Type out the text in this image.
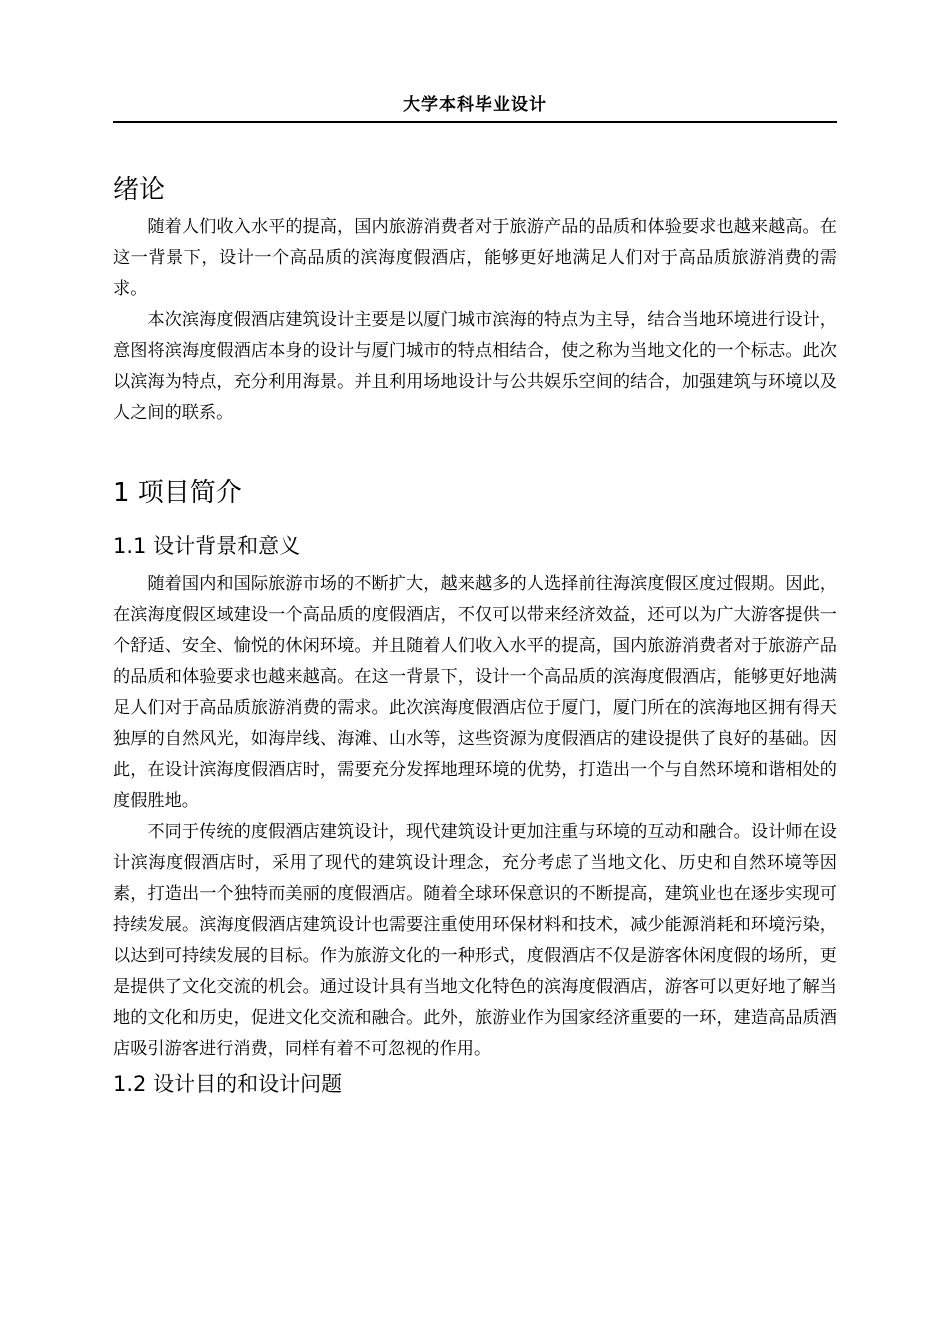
大学本科毕业设计
绪论

随着人们收入水平的提高，国内旅游消费者对于旅游产品的品质和体验要求也越来越高。在这一背景下，设计一个高品质的滨海度假酒店，能够更好地满足人们对于高品质旅游消费的需求。

本次滨海度假酒店建筑设计主要是以厦门城市滨海的特点为主导，结合当地环境进行设计，意图将滨海度假酒店本身的设计与厦门城市的特点相结合，使之称为当地文化的一个标志。此次以滨海为特点，充分利用海景。并且利用场地设计与公共娱乐空间的结合，加强建筑与环境以及人之间的联系。

1 项目简介
1.1 设计背景和意义

随着国内和国际旅游市场的不断扩大，越来越多的人选择前往海滨度假区度过假期。因此，在滨海度假区域建设一个高品质的度假酒店，不仅可以带来经济效益，还可以为广大游客提供一个舒适、安全、愉悦的休闲环境。并且随着人们收入水平的提高，国内旅游消费者对于旅游产品的品质和体验要求也越来越高。在这一背景下，设计一个高品质的滨海度假酒店，能够更好地满足人们对于高品质旅游消费的需求。此次滨海度假酒店位于厦门，厦门所在的滨海地区拥有得天独厚的自然风光，如海岸线、海滩、山水等，这些资源为度假酒店的建设提供了良好的基础。因此，在设计滨海度假酒店时，需要充分发挥地理环境的优势，打造出一个与自然环境和谐相处的度假胜地。

不同于传统的度假酒店建筑设计，现代建筑设计更加注重与环境的互动和融合。设计师在设计滨海度假酒店时，采用了现代的建筑设计理念，充分考虑了当地文化、历史和自然环境等因素，打造出一个独特而美丽的度假酒店。随着全球环保意识的不断提高，建筑业也在逐步实现可持续发展。滨海度假酒店建筑设计也需要注重使用环保材料和技术，减少能源消耗和环境污染，以达到可持续发展的目标。作为旅游文化的一种形式，度假酒店不仅是游客休闲度假的场所，更是提供了文化交流的机会。通过设计具有当地文化特色的滨海度假酒店，游客可以更好地了解当地的文化和历史，促进文化交流和融合。此外，旅游业作为国家经济重要的一环，建造高品质酒店吸引游客进行消费，同样有着不可忽视的作用。

1.2 设计目的和设计问题
